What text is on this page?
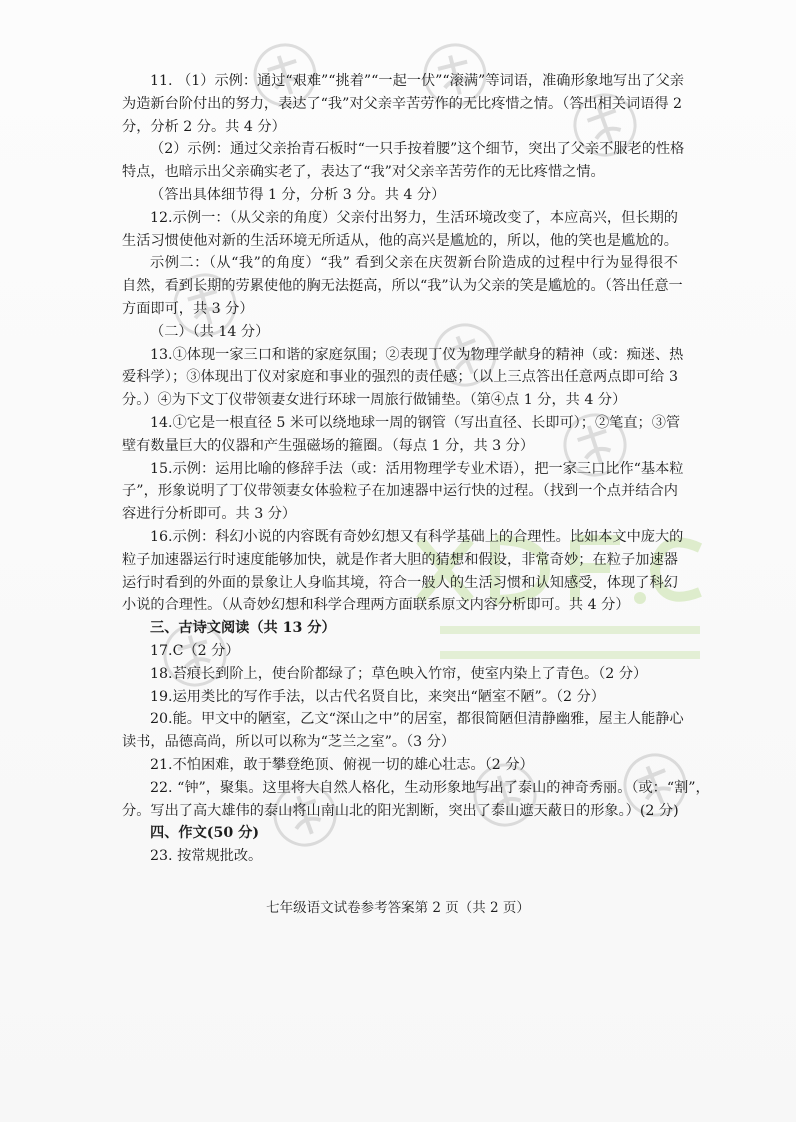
11. （1）示例：通过“艰难”“挑着”“一起一伏”“滚满”等词语，准确形象地写出了父亲
为造新台阶付出的努力，表达了“我”对父亲辛苦劳作的无比疼惜之情。（答出相关词语得 2
分，分析 2 分。共 4 分）
（2）示例：通过父亲抬青石板时“一只手按着腰”这个细节，突出了父亲不服老的性格
特点，也暗示出父亲确实老了，表达了“我”对父亲辛苦劳作的无比疼惜之情。
（答出具体细节得 1 分，分析 3 分。共 4 分）
12.示例一：（从父亲的角度）父亲付出努力，生活环境改变了，本应高兴，但长期的
生活习惯使他对新的生活环境无所适从，他的高兴是尴尬的，所以，他的笑也是尴尬的。
示例二：（从“我”的角度）“我” 看到父亲在庆贺新台阶造成的过程中行为显得很不
自然，看到长期的劳累使他的胸无法挺高，所以“我”认为父亲的笑是尴尬的。（答出任意一
方面即可，共 3 分）
（二）（共 14 分）
13.①体现一家三口和谐的家庭氛围；②表现丁仪为物理学献身的精神（或：痴迷、热
爱科学）；③体现出丁仪对家庭和事业的强烈的责任感；（以上三点答出任意两点即可给 3
分。）④为下文丁仪带领妻女进行环球一周旅行做铺垫。（第④点 1 分，共 4 分）
14.①它是一根直径 5 米可以绕地球一周的钢管（写出直径、长即可）；②笔直；③管
壁有数量巨大的仪器和产生强磁场的箍圈。（每点 1 分，共 3 分）
15.示例：运用比喻的修辞手法（或：活用物理学专业术语），把一家三口比作“基本粒
子”，形象说明了丁仪带领妻女体验粒子在加速器中运行快的过程。（找到一个点并结合内
容进行分析即可。共 3 分）
16.示例：科幻小说的内容既有奇妙幻想又有科学基础上的合理性。比如本文中庞大的
粒子加速器运行时速度能够加快，就是作者大胆的猜想和假设，非常奇妙；在粒子加速器
运行时看到的外面的景象让人身临其境，符合一般人的生活习惯和认知感受，体现了科幻
小说的合理性。（从奇妙幻想和科学合理两方面联系原文内容分析即可。共 4 分）
三、古诗文阅读（共 13 分）
17.C（2 分）
18.苔痕长到阶上，使台阶都绿了；草色映入竹帘，使室内染上了青色。（2 分）
19.运用类比的写作手法，以古代名贤自比，来突出“陋室不陋”。（2 分）
20.能。甲文中的陋室，乙文“深山之中”的居室，都很简陋但清静幽雅，屋主人能静心
读书，品德高尚，所以可以称为“芝兰之室”。（3 分）
21.不怕困难，敢于攀登绝顶、俯视一切的雄心壮志。（2 分）
22. “钟”，聚集。这里将大自然人格化，生动形象地写出了泰山的神奇秀丽。（或：“割”，
分。写出了高大雄伟的泰山将山南山北的阳光割断，突出了泰山遮天蔽日的形象。）(2 分)
四、作文(50 分)
23. 按常规批改。
七年级语文试卷参考答案第 2 页（共 2 页）
